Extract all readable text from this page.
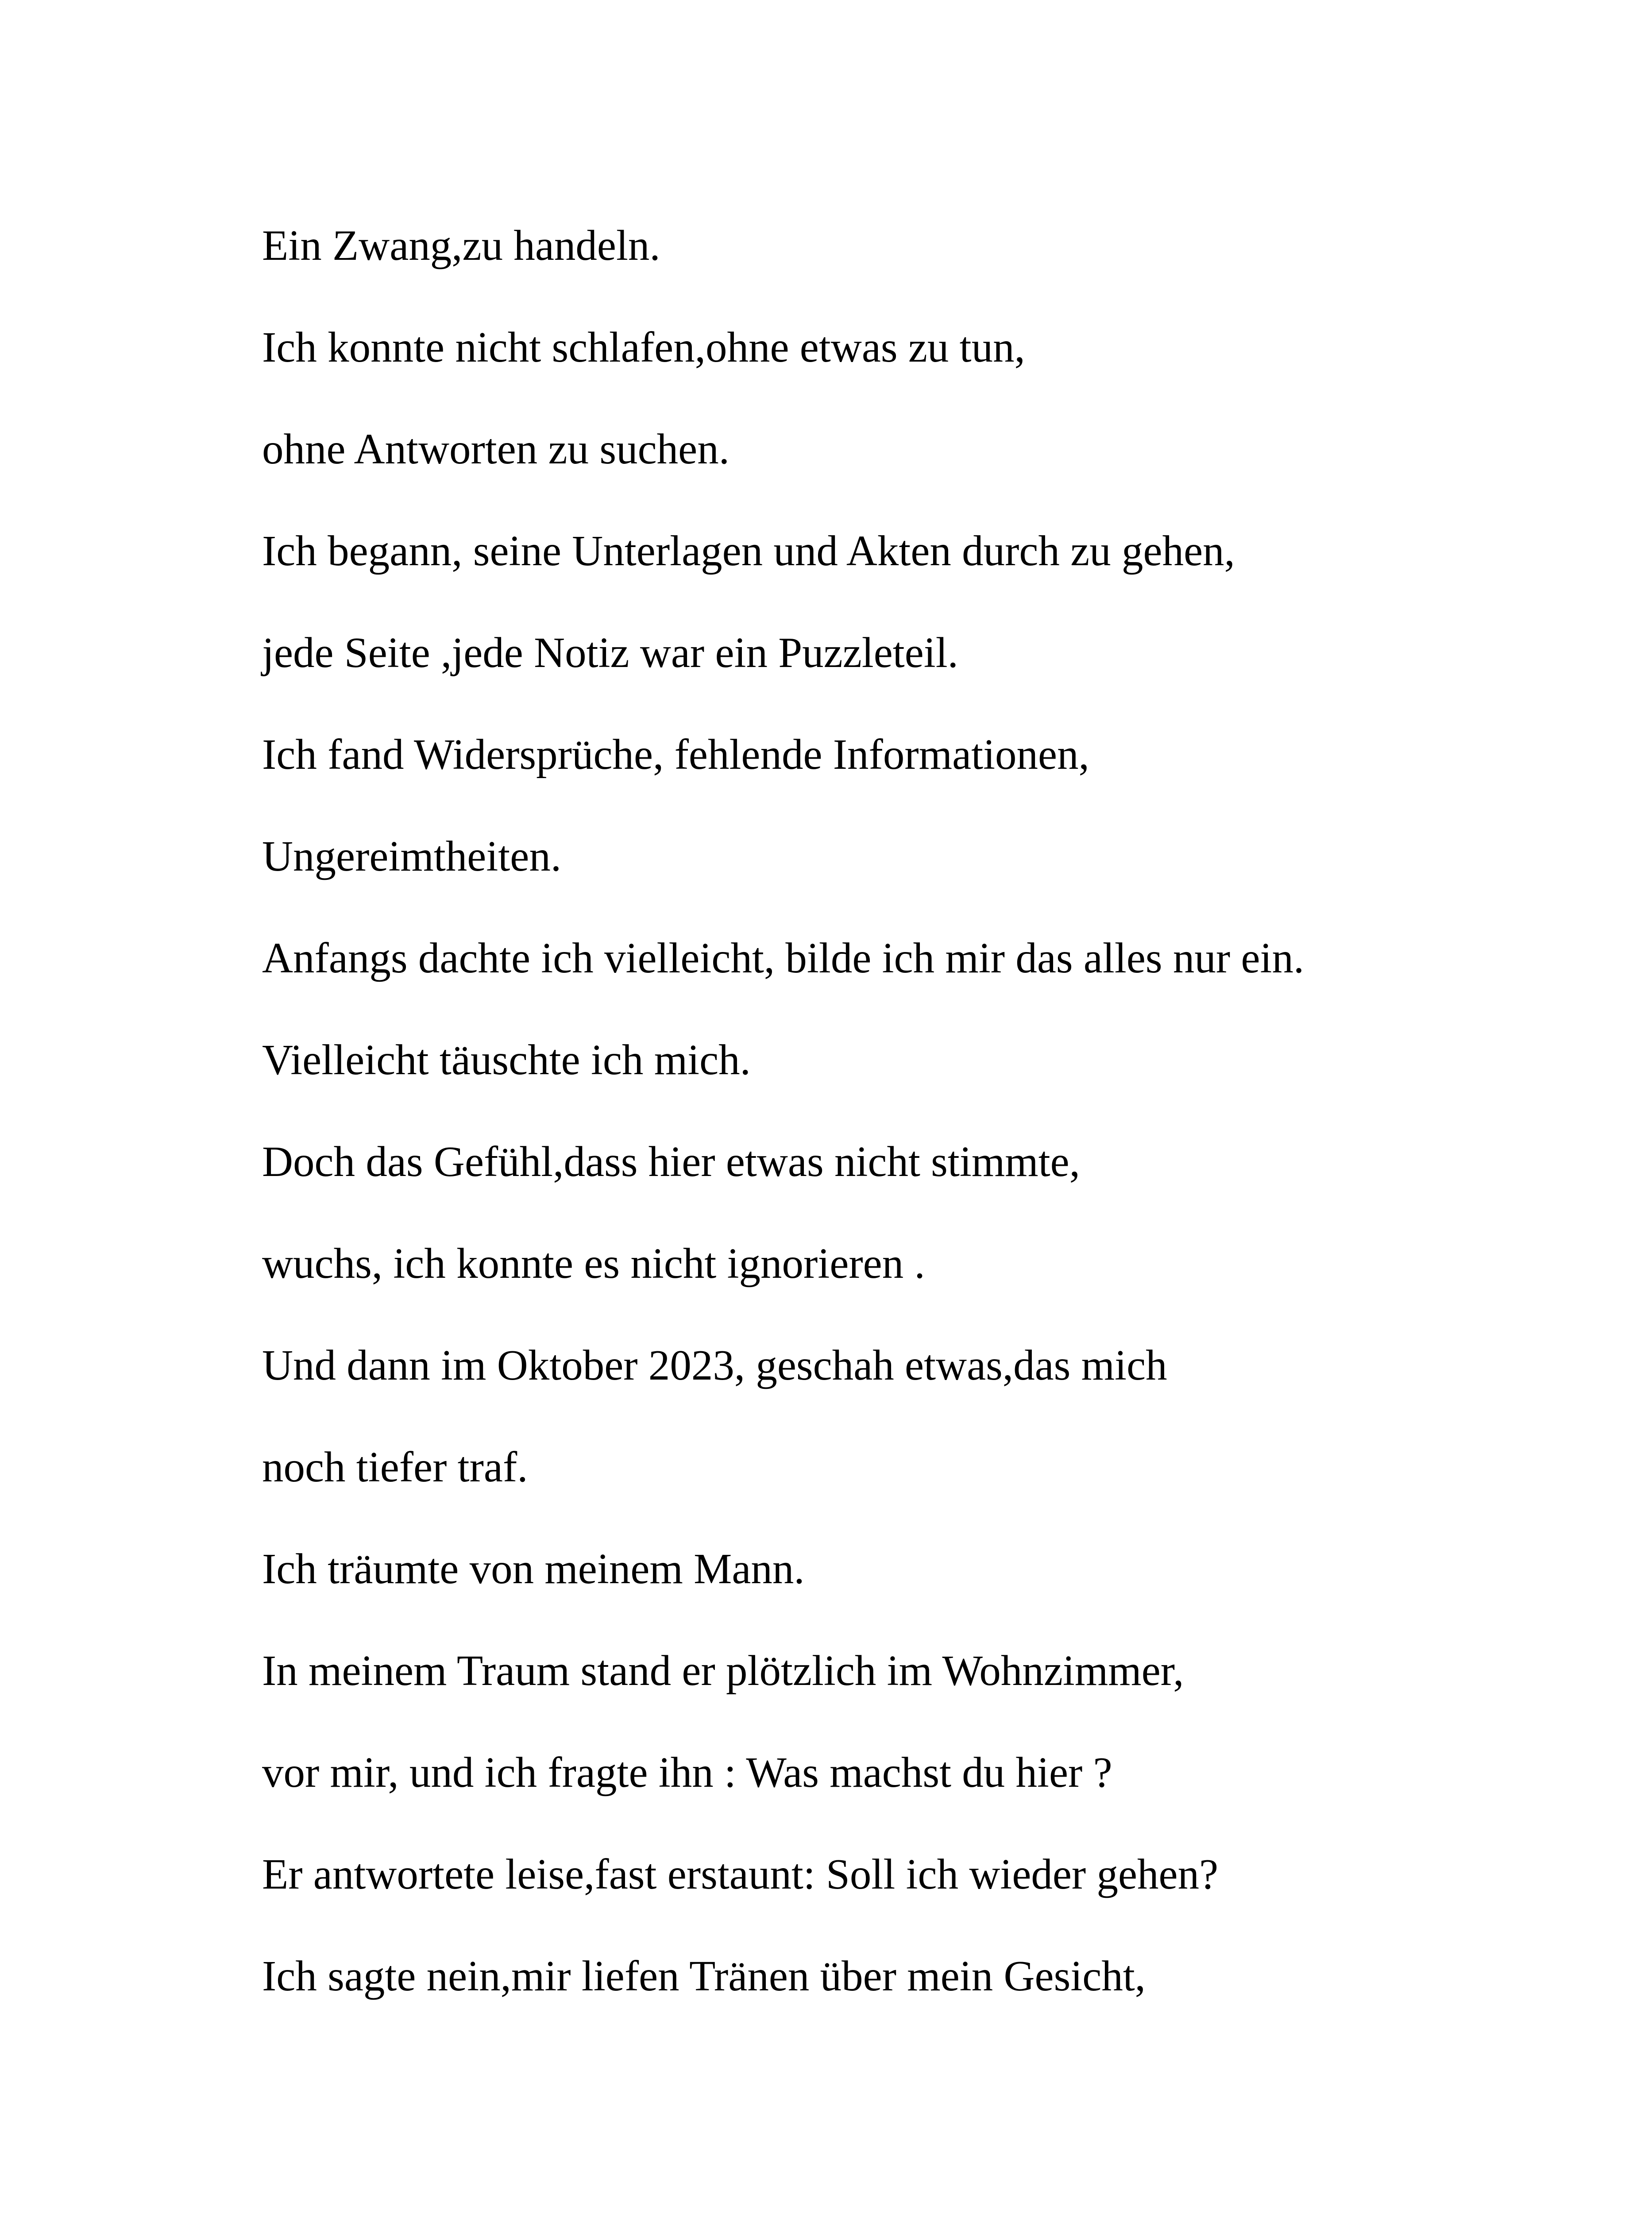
Ein Zwang,zu handeln.

Ich konnte nicht schlafen,ohne etwas zu tun,

ohne Antworten zu suchen.

Ich begann, seine Unterlagen und Akten durch zu gehen,

jede Seite ,jede Notiz war ein Puzzleteil.

Ich fand Widersprüche, fehlende Informationen,

Ungereimtheiten.

Anfangs dachte ich vielleicht, bilde ich mir das alles nur ein.

Vielleicht täuschte ich mich.

Doch das Gefühl,dass hier etwas nicht stimmte,

wuchs, ich konnte es nicht ignorieren .

Und dann im Oktober 2023, geschah etwas,das mich

noch tiefer traf.

Ich träumte von meinem Mann.

In meinem Traum stand er plötzlich im Wohnzimmer,

vor mir, und ich fragte ihn : Was machst du hier ?

Er antwortete leise,fast erstaunt: Soll ich wieder gehen?

Ich sagte nein,mir liefen Tränen über mein Gesicht,
